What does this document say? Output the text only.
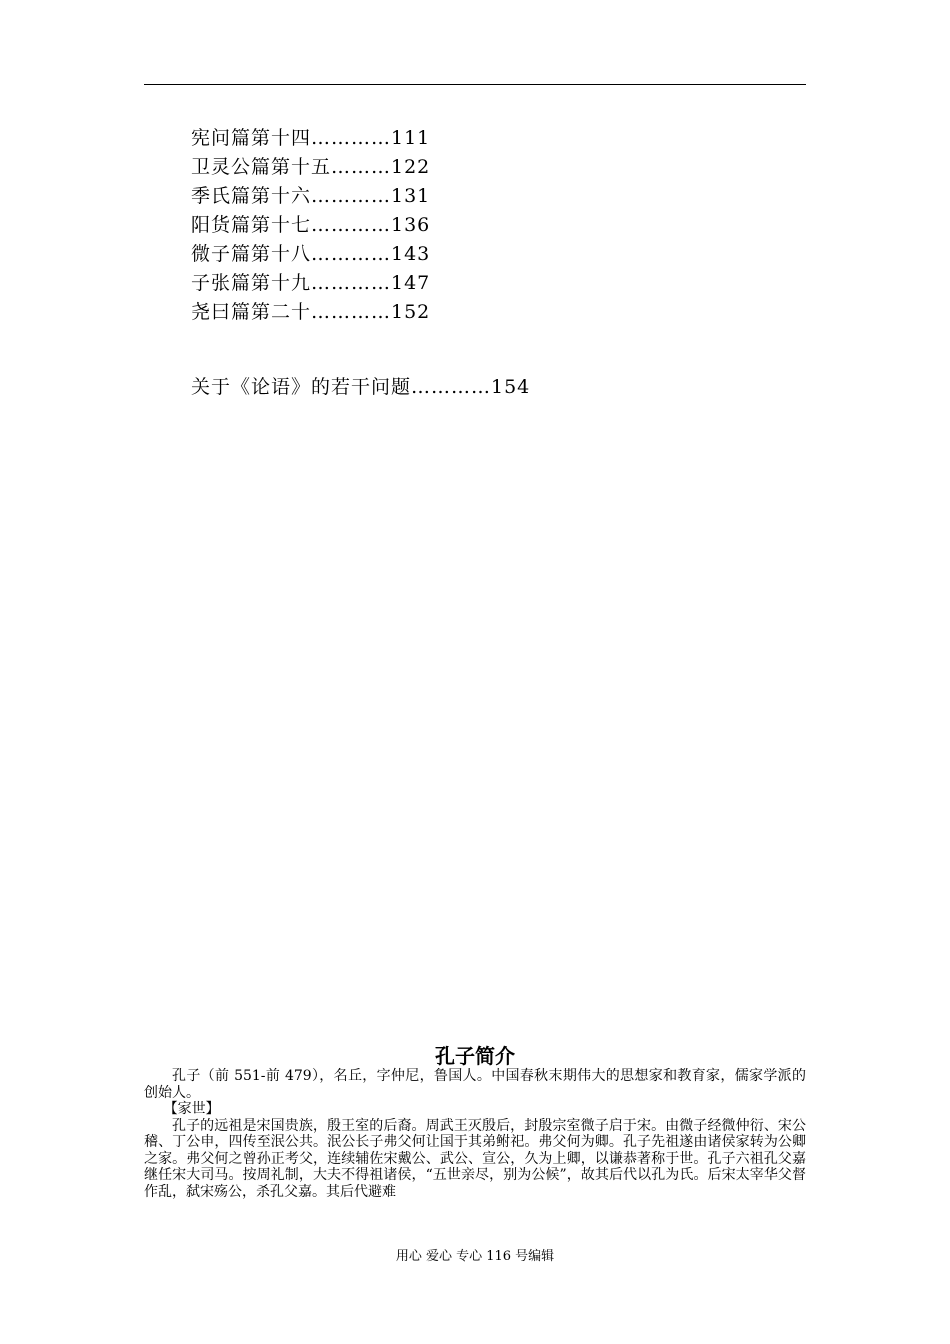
宪问篇第十四…………111
卫灵公篇第十五………122
季氏篇第十六…………131
阳货篇第十七…………136
微子篇第十八…………143
子张篇第十九…………147
尧曰篇第二十…………152
关于《论语》的若干问题…………154
孔子简介

孔子（前 551-前 479），名丘，字仲尼，鲁国人。中国春秋末期伟大的思想家和教育家，儒家学派的创始人。

【家世】

孔子的远祖是宋国贵族，殷王室的后裔。周武王灭殷后，封殷宗室微子启于宋。由微子经微仲衍、宋公稽、丁公申，四传至泯公共。泯公长子弗父何让国于其弟鲋祀。弗父何为卿。孔子先祖遂由诸侯家转为公卿之家。弗父何之曾孙正考父，连续辅佐宋戴公、武公、宣公，久为上卿，以谦恭著称于世。孔子六祖孔父嘉继任宋大司马。按周礼制，大夫不得祖诸侯，“五世亲尽，别为公候”，故其后代以孔为氏。后宋太宰华父督作乱，弑宋殇公，杀孔父嘉。其后代避难

用心 爱心 专心 116 号编辑
